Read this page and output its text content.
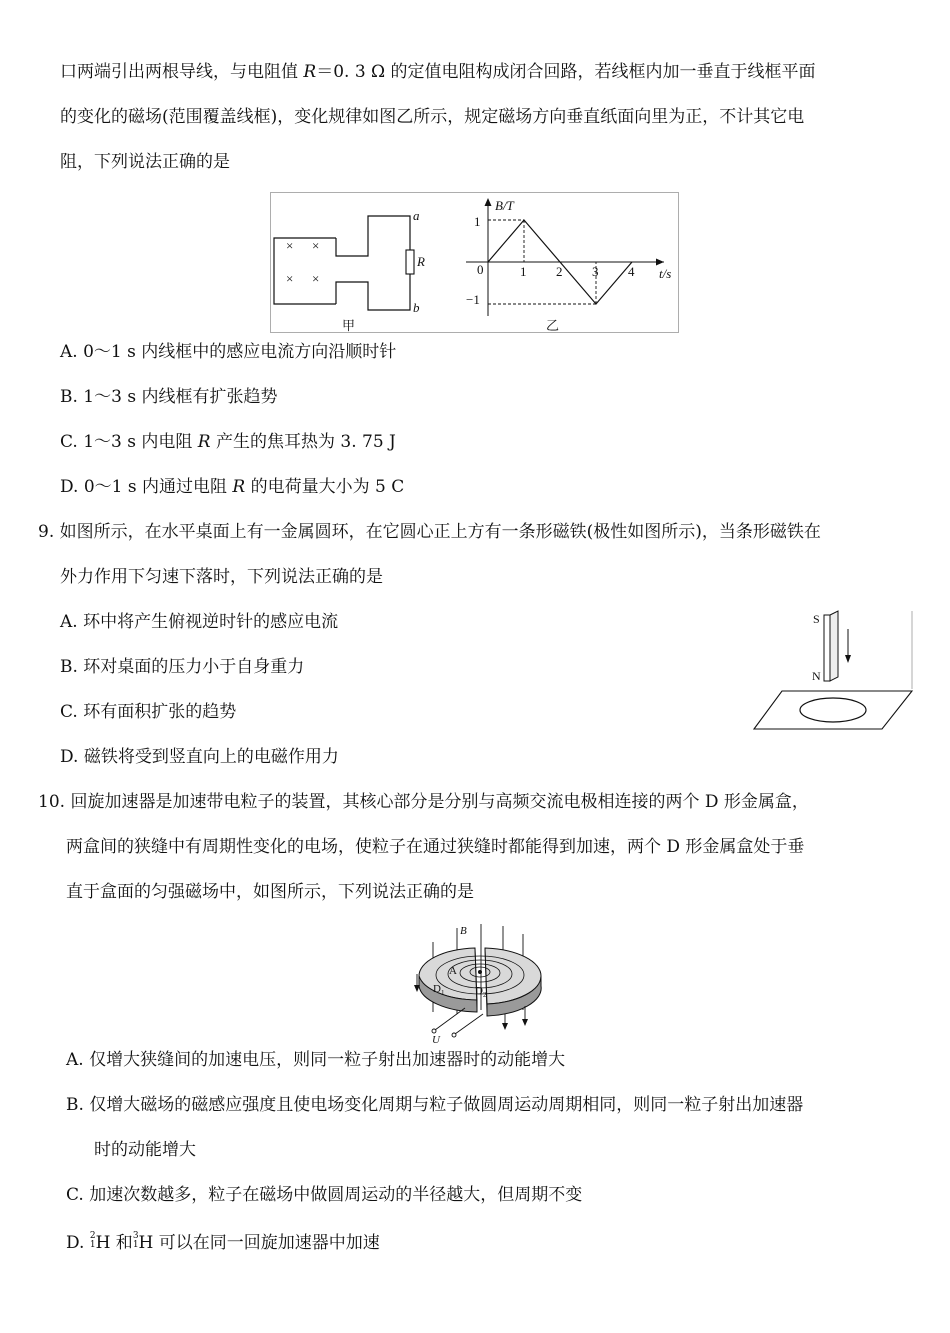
口两端引出两根导线，与电阻值 R＝0. 3 Ω 的定值电阻构成闭合回路，若线框内加一垂直于线框平面
的变化的磁场(范围覆盖线框)，变化规律如图乙所示，规定磁场方向垂直纸面向里为正，不计其它电
阻，下列说法正确的是
× ×
× ×
a
b
R
甲	乙
B/T
t/s
1
−1
0	1 2 3 4
A. 0～1 s 内线框中的感应电流方向沿顺时针
B. 1～3 s 内线框有扩张趋势
C. 1～3 s 内电阻 R 产生的焦耳热为 3. 75 J
D. 0～1 s 内通过电阻 R 的电荷量大小为 5 C
9. 如图所示，在水平桌面上有一金属圆环，在它圆心正上方有一条形磁铁(极性如图所示)，当条形磁铁在
外力作用下匀速下落时，下列说法正确的是
A. 环中将产生俯视逆时针的感应电流
B. 环对桌面的压力小于自身重力
C. 环有面积扩张的趋势
D. 磁铁将受到竖直向上的电磁作用力
S
N
10. 回旋加速器是加速带电粒子的装置，其核心部分是分别与高频交流电极相连接的两个 D 形金属盒，
两盒间的狭缝中有周期性变化的电场，使粒子在通过狭缝时都能得到加速，两个 D 形金属盒处于垂
直于盒面的匀强磁场中，如图所示，下列说法正确的是
B
A
$D_1$	$D_2$
U
A. 仅增大狭缝间的加速电压，则同一粒子射出加速器时的动能增大
B. 仅增大磁场的磁感应强度且使电场变化周期与粒子做圆周运动周期相同，则同一粒子射出加速器
时的动能增大
C. 加速次数越多，粒子在磁场中做圆周运动的半径越大，但周期不变
D. 2
1 H 和 3
1 H 可以在同一回旋加速器中加速
